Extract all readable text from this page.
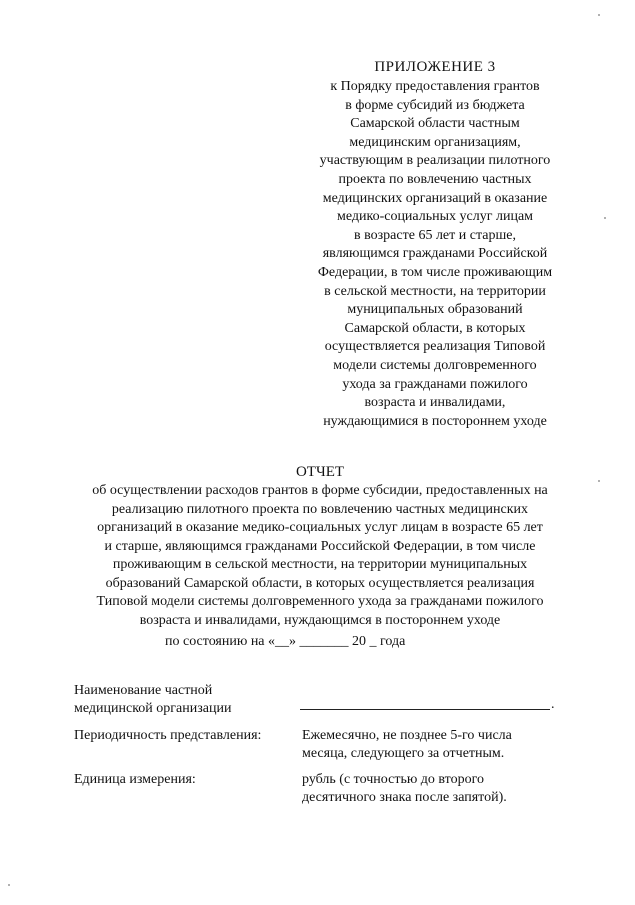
ПРИЛОЖЕНИЕ 3
к Порядку предоставления грантов
в форме субсидий из бюджета
Самарской области частным
медицинским организациям,
участвующим в реализации пилотного
проекта по вовлечению частных
медицинских организаций в оказание
медико-социальных услуг лицам
в возрасте 65 лет и старше,
являющимся гражданами Российской
Федерации, в том числе проживающим
в сельской местности, на территории
муниципальных образований
Самарской области, в которых
осуществляется реализация Типовой
модели системы долговременного
ухода за гражданами пожилого
возраста и инвалидами,
нуждающимися в постороннем уходе
ОТЧЕТ
об осуществлении расходов грантов в форме субсидии, предоставленных на
реализацию пилотного проекта по вовлечению частных медицинских
организаций в оказание медико-социальных услуг лицам в возрасте 65 лет
и старше, являющимся гражданами Российской Федерации, в том числе
проживающим в сельской местности, на территории муниципальных
образований Самарской области, в которых осуществляется реализация
Типовой модели системы долговременного ухода за гражданами пожилого
возраста и инвалидами, нуждающимся в постороннем уходе
по состоянию на «__» _______ 20 _ года
Наименование частной
медицинской организации	.
Периодичность представления:	Ежемесячно, не позднее 5-го числа
месяца, следующего за отчетным.
Единица измерения:	рубль (с точностью до второго
десятичного знака после запятой).
